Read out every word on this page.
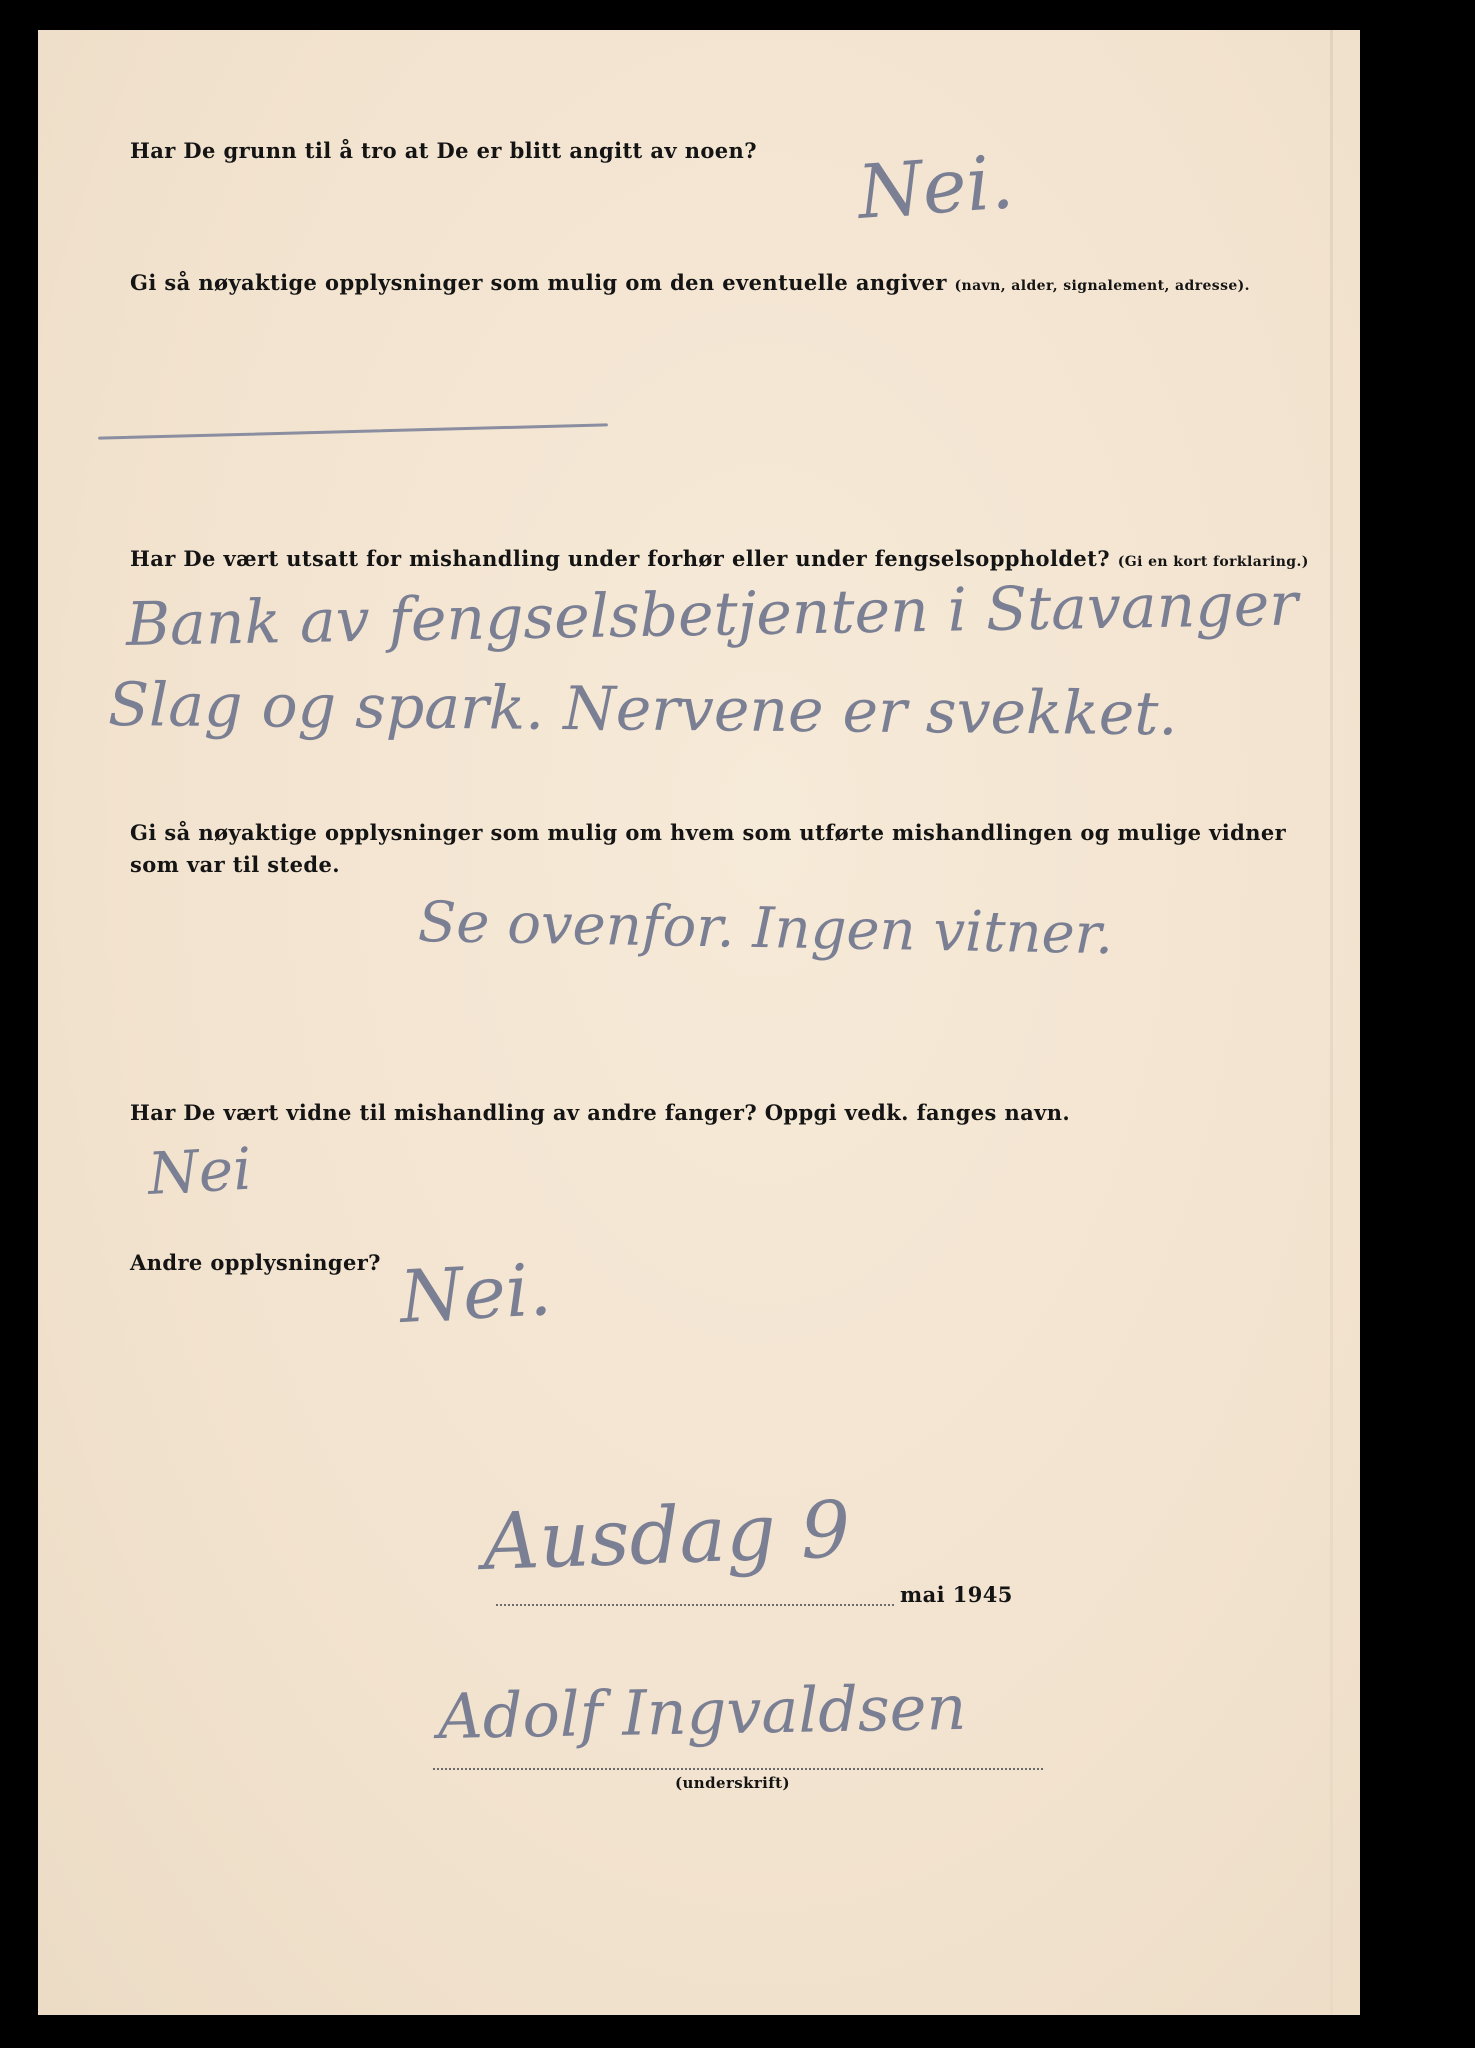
Har De grunn til å tro at De er blitt angitt av noen? Nei.
Gi så nøyaktige opplysninger som mulig om den eventuelle angiver (navn, alder, signalement, adresse).
Har De vært utsatt for mishandling under forhør eller under fengselsoppholdet? (Gi en kort forklaring.)
Bank av fengselsbetjenten i Stavanger
Slag og spark. Nervene er svekket.
Gi så nøyaktige opplysninger som mulig om hvem som utførte mishandlingen og mulige vidner
som var til stede.
Se ovenfor. Ingen vitner.
Har De vært vidne til mishandling av andre fanger? Oppgi vedk. fanges navn.
Nei
Andre opplysninger? Nei.
Ausdag 9
mai 1945
Adolf Ingvaldsen
(underskrift)
